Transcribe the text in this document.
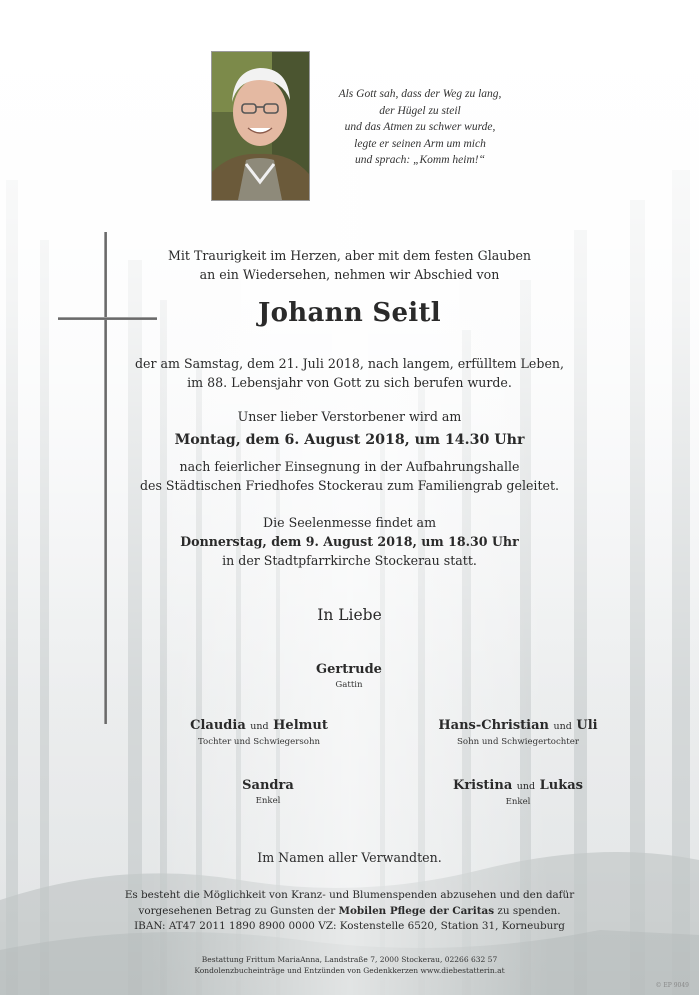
Als Gott sah, dass der Weg zu lang,
der Hügel zu steil
und das Atmen zu schwer wurde,
legte er seinen Arm um mich
und sprach: „Komm heim!“
Mit Traurigkeit im Herzen, aber mit dem festen Glauben
an ein Wiedersehen, nehmen wir Abschied von
Johann Seitl
der am Samstag, dem 21. Juli 2018, nach langem, erfülltem Leben,
im 88. Lebensjahr von Gott zu sich berufen wurde.
Unser lieber Verstorbener wird am
Montag, dem 6. August 2018, um 14.30 Uhr
nach feierlicher Einsegnung in der Aufbahrungshalle
des Städtischen Friedhofes Stockerau zum Familiengrab geleitet.
Die Seelenmesse findet am
Donnerstag, dem 9. August 2018, um 18.30 Uhr
in der Stadtpfarrkirche Stockerau statt.
In Liebe
Gertrude
Gattin
Claudia und Helmut
Tochter und Schwiegersohn
Hans-Christian und Uli
Sohn und Schwiegertochter
Sandra
Enkel
Kristina und Lukas
Enkel
Im Namen aller Verwandten.
Es besteht die Möglichkeit von Kranz- und Blumenspenden abzusehen und den dafür
vorgesehenen Betrag zu Gunsten der Mobilen Pflege der Caritas zu spenden.
IBAN: AT47 2011 1890 8900 0000 VZ: Kostenstelle 6520, Station 31, Korneuburg
Bestattung Frittum MariaAnna, Landstraße 7, 2000 Stockerau, 02266 632 57
Kondolenzbucheinträge und Entzünden von Gedenkkerzen www.diebestatterin.at
© EP 9049
